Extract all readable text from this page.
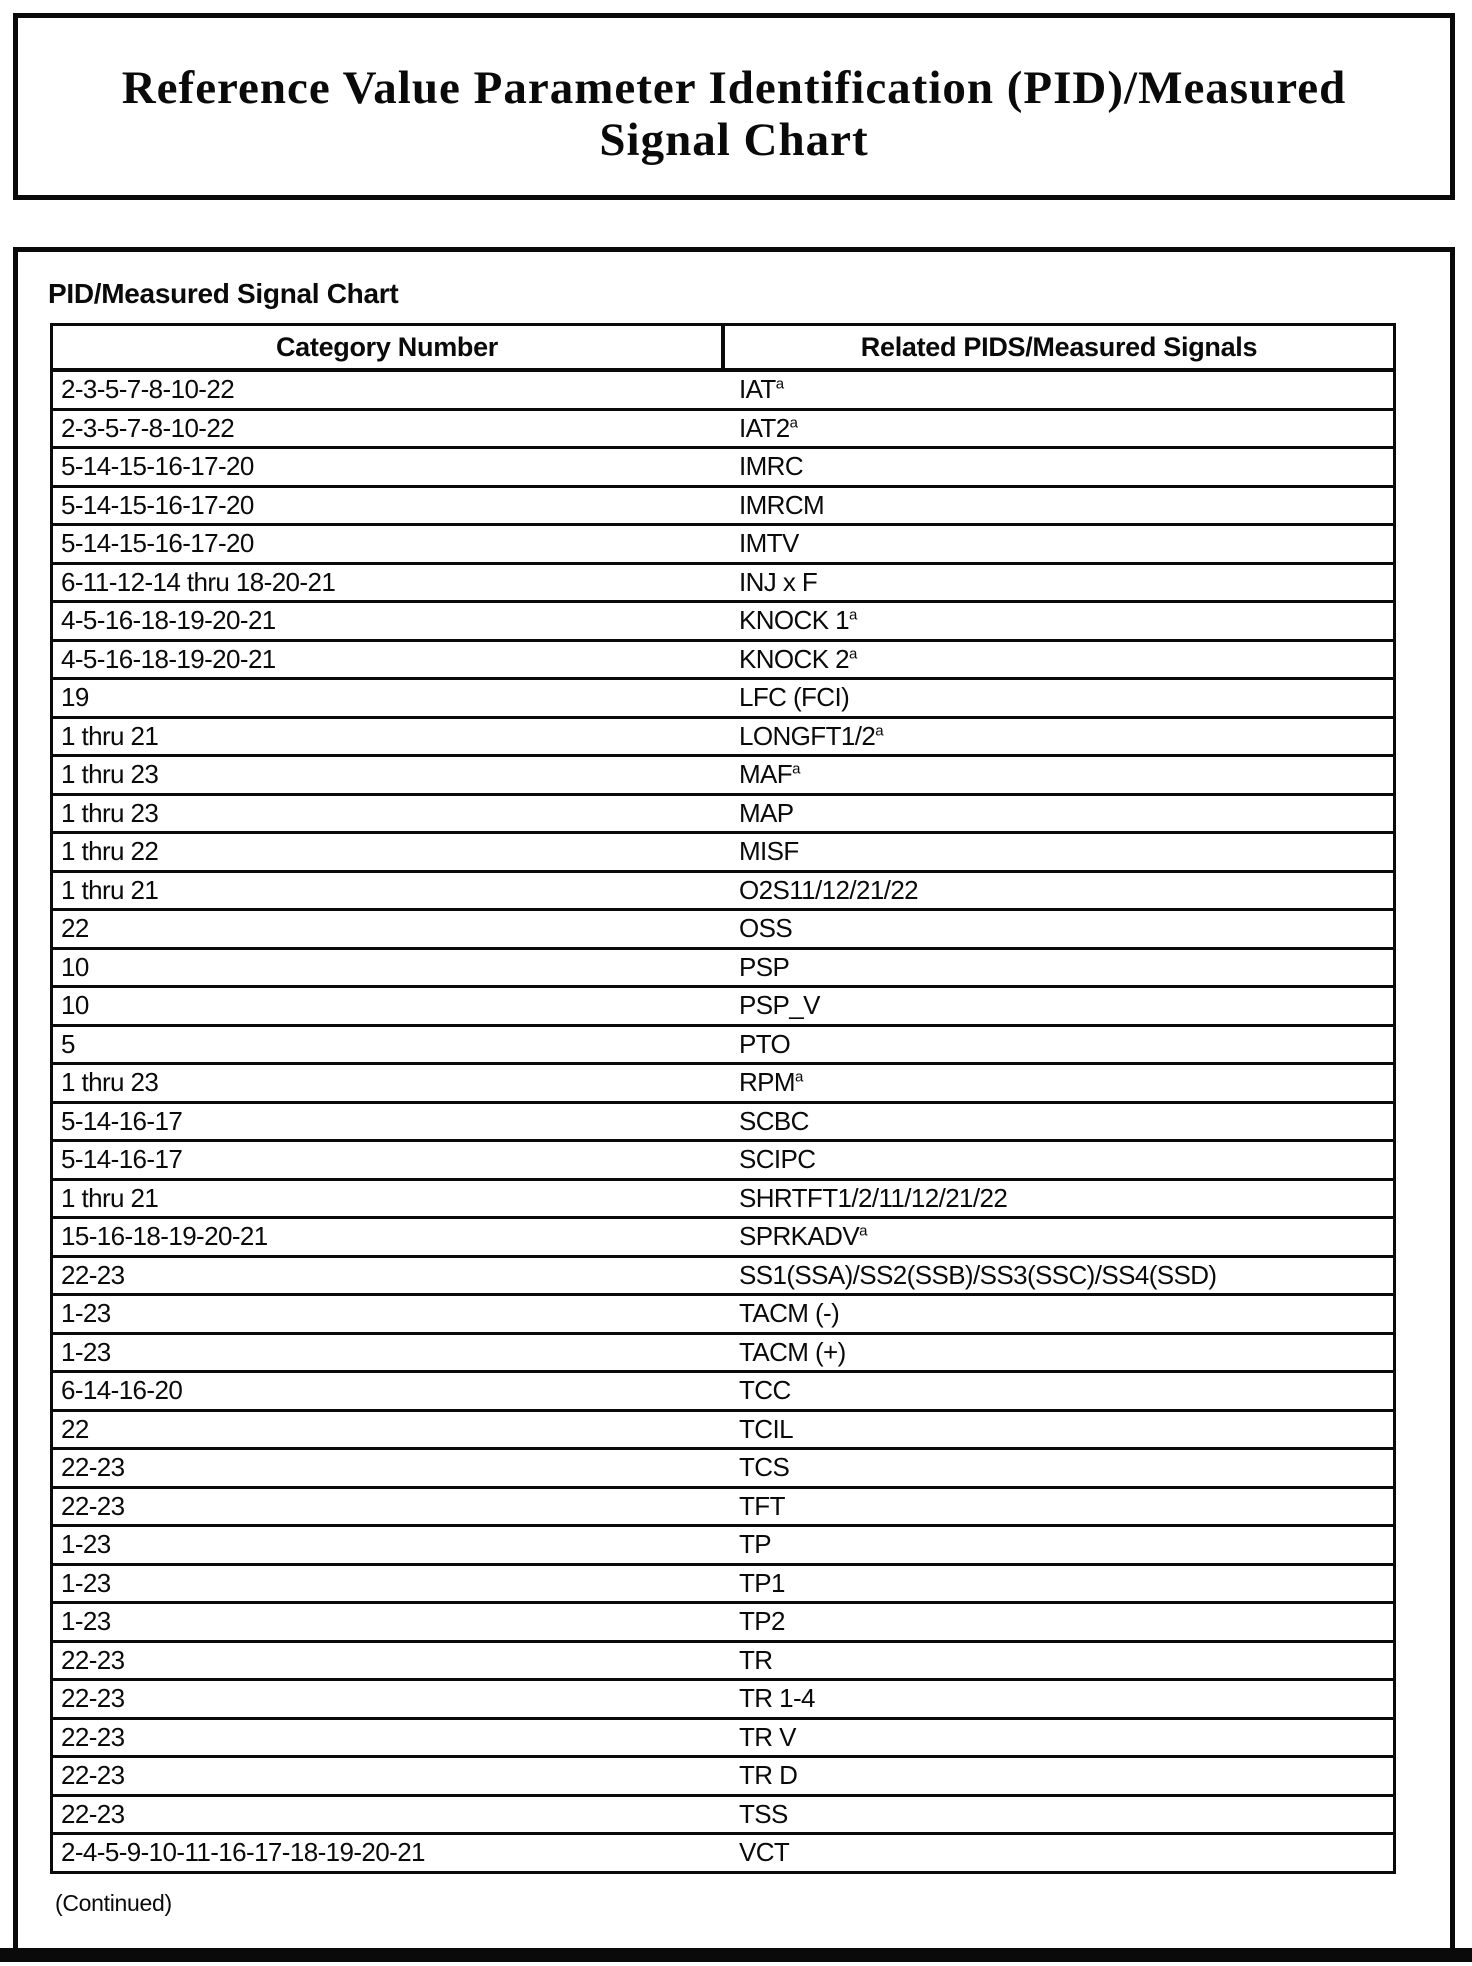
Reference Value Parameter Identification (PID)/Measured
Signal Chart
PID/Measured Signal Chart
Category Number	Related PIDS/Measured Signals
2-3-5-7-8-10-22	IAT$^a$
2-3-5-7-8-10-22	IAT2$^a$
5-14-15-16-17-20	IMRC
5-14-15-16-17-20	IMRCM
5-14-15-16-17-20	IMTV
6-11-12-14 thru 18-20-21	INJ x F
4-5-16-18-19-20-21	KNOCK 1$^a$
4-5-16-18-19-20-21	KNOCK 2$^a$
19	LFC (FCI)
1 thru 21	LONGFT1/2$^a$
1 thru 23	MAF$^a$
1 thru 23	MAP
1 thru 22	MISF
1 thru 21	O2S11/12/21/22
22	OSS
10	PSP
10	PSP_V
5	PTO
1 thru 23	RPM$^a$
5-14-16-17	SCBC
5-14-16-17	SCIPC
1 thru 21	SHRTFT1/2/11/12/21/22
15-16-18-19-20-21	SPRKADV$^a$
22-23	SS1(SSA)/SS2(SSB)/SS3(SSC)/SS4(SSD)
1-23	TACM (-)
1-23	TACM (+)
6-14-16-20	TCC
22	TCIL
22-23	TCS
22-23	TFT
1-23	TP
1-23	TP1
1-23	TP2
22-23	TR
22-23	TR 1-4
22-23	TR V
22-23	TR D
22-23	TSS
2-4-5-9-10-11-16-17-18-19-20-21	VCT
(Continued)
